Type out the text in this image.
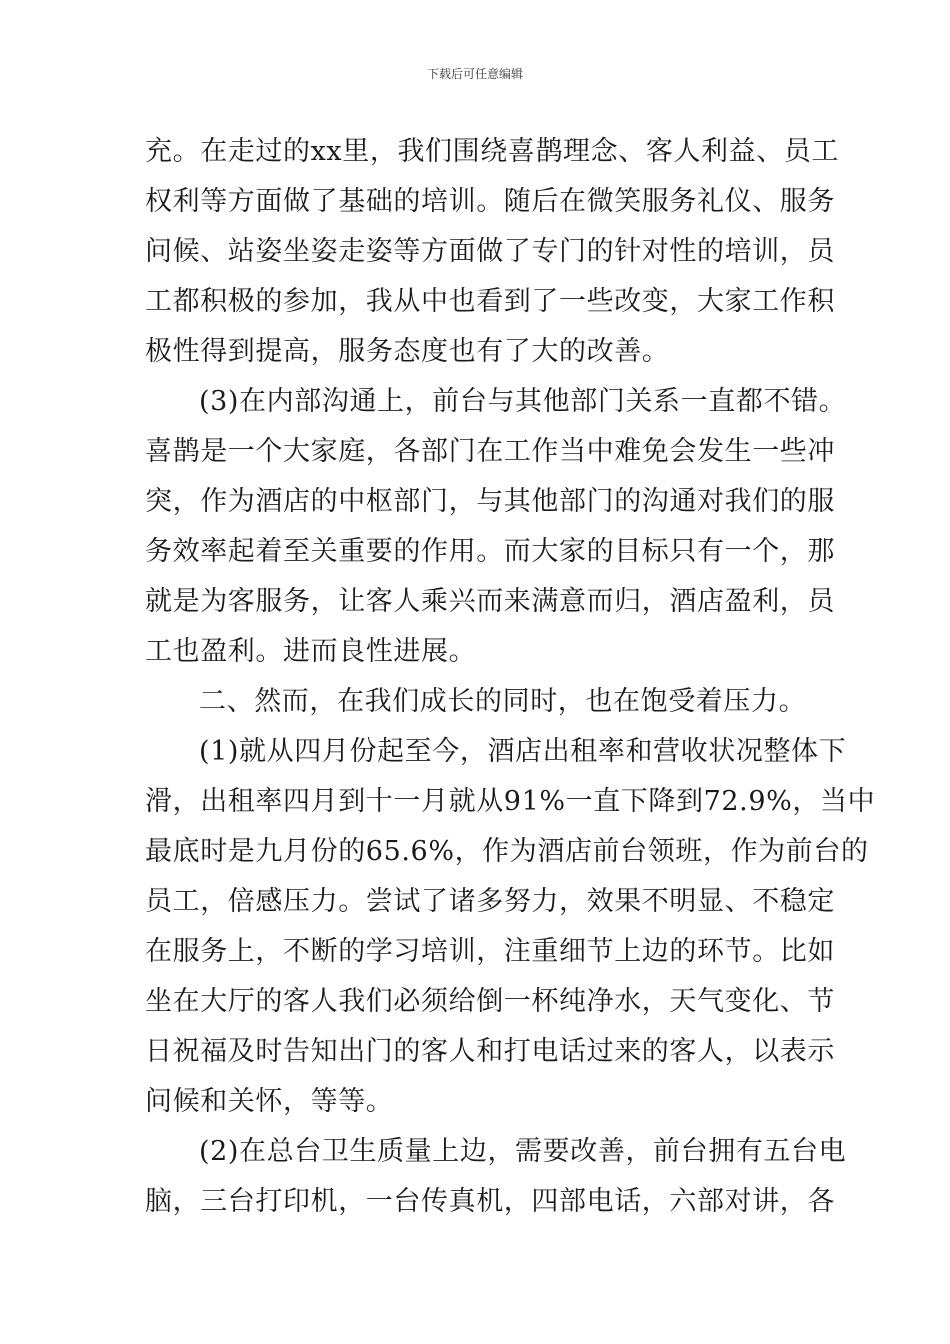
下载后可任意编辑
充。在走过的xx里，我们围绕喜鹊理念、客人利益、员工
权利等方面做了基础的培训。随后在微笑服务礼仪、服务
问候、站姿坐姿走姿等方面做了专门的针对性的培训，员
工都积极的参加，我从中也看到了一些改变，大家工作积
极性得到提高，服务态度也有了大的改善。
(3)在内部沟通上，前台与其他部门关系一直都不错。
喜鹊是一个大家庭，各部门在工作当中难免会发生一些冲
突，作为酒店的中枢部门，与其他部门的沟通对我们的服
务效率起着至关重要的作用。而大家的目标只有一个，那
就是为客服务，让客人乘兴而来满意而归，酒店盈利，员
工也盈利。进而良性进展。
二、然而，在我们成长的同时，也在饱受着压力。
(1)就从四月份起至今，酒店出租率和营收状况整体下
滑，出租率四月到十一月就从91%一直下降到72.9%，当中
最底时是九月份的65.6%，作为酒店前台领班，作为前台的
员工，倍感压力。尝试了诸多努力，效果不明显、不稳定
在服务上，不断的学习培训，注重细节上边的环节。比如
坐在大厅的客人我们必须给倒一杯纯净水，天气变化、节
日祝福及时告知出门的客人和打电话过来的客人，以表示
问候和关怀，等等。
(2)在总台卫生质量上边，需要改善，前台拥有五台电
脑，三台打印机，一台传真机，四部电话，六部对讲，各
